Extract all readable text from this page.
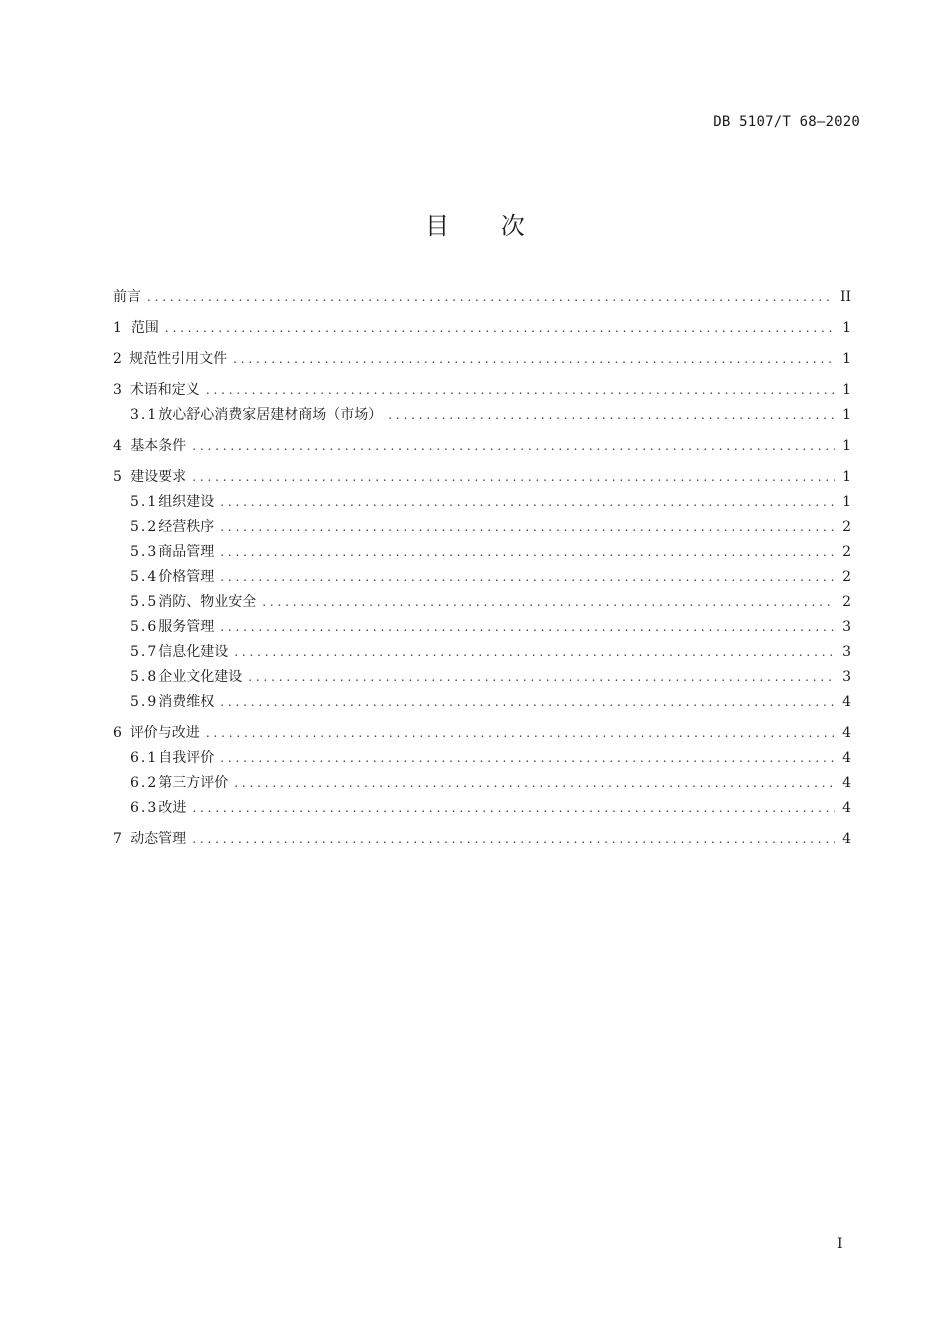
DB 5107/T 68—2020
目 次
前言 . . .	II
1 范围 . . .	1
2 规范性引用文件 . . .	1
3 术语和定义 . . .	1
3.1 放心舒心消费家居建材商场（市场） . . .	1
4 基本条件 . . .	1
5 建设要求 . . .	1
5.1 组织建设 . . .	1
5.2 经营秩序 . . .	2
5.3 商品管理 . . .	2
5.4 价格管理 . . .	2
5.5 消防、物业安全 . . .	2
5.6 服务管理 . . .	3
5.7 信息化建设 . . .	3
5.8 企业文化建设 . . .	3
5.9 消费维权 . . .	4
6 评价与改进 . . .	4
6.1 自我评价 . . .	4
6.2 第三方评价 . . .	4
6.3 改进 . . .	4
7 动态管理 . . .	4
I
